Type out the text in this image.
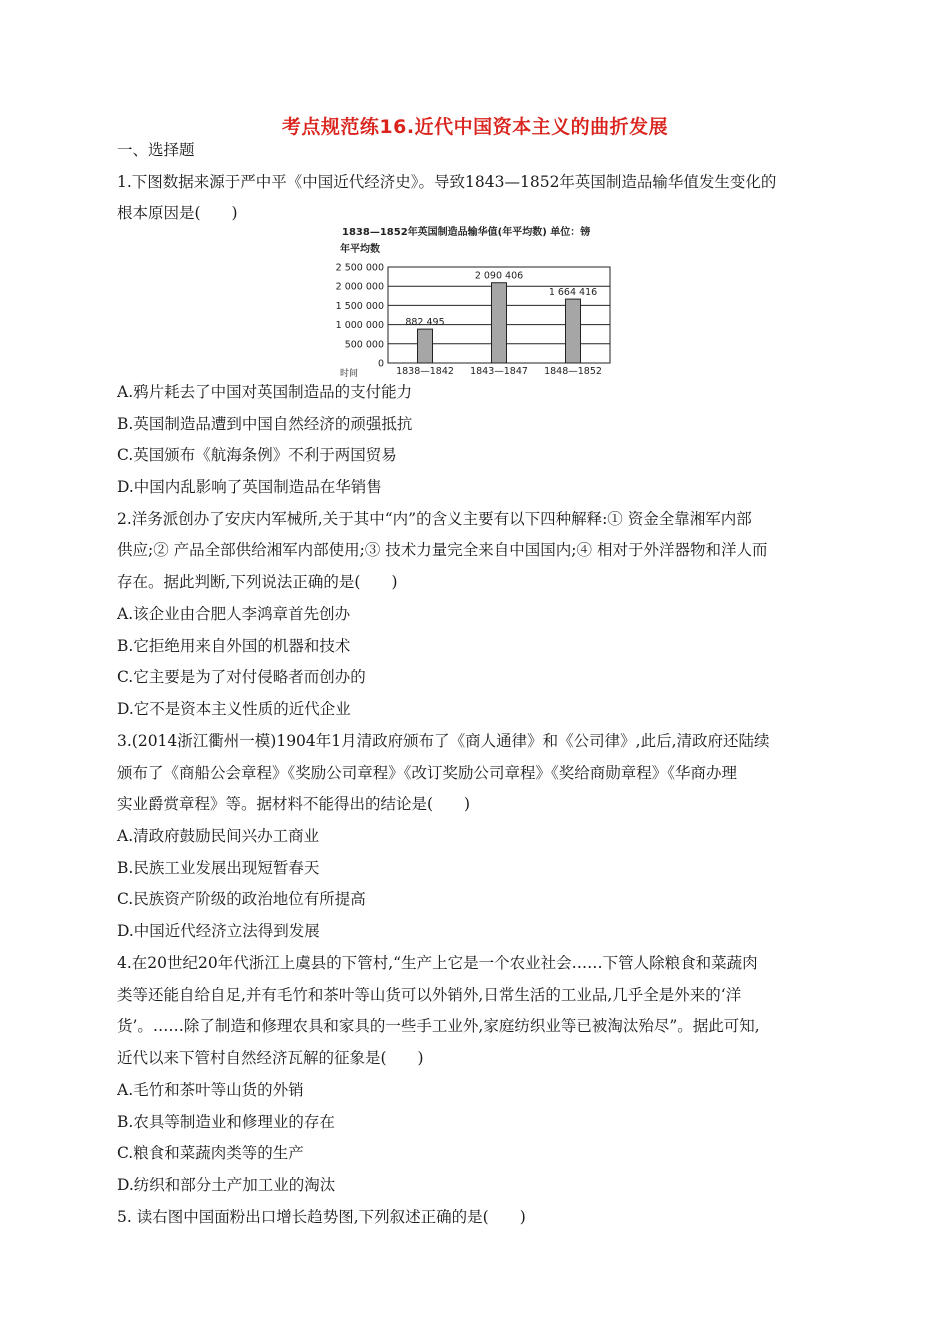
考点规范练16.近代中国资本主义的曲折发展
一、选择题
1.下图数据来源于严中平《中国近代经济史》。导致1843—1852年英国制造品输华值发生变化的
根本原因是(　　)
1838—1852年英国制造品输华值(年平均数) 单位：镑
年平均数
时间
0
500 000
1 000 000
1 500 000
2 000 000
2 500 000
882 495
2 090 406
1 664 416
1838—1842 1843—1847 1848—1852
A.鸦片耗去了中国对英国制造品的支付能力
B.英国制造品遭到中国自然经济的顽强抵抗
C.英国颁布《航海条例》不利于两国贸易
D.中国内乱影响了英国制造品在华销售
2.洋务派创办了安庆内军械所,关于其中“内”的含义主要有以下四种解释:① 资金全靠湘军内部
供应;② 产品全部供给湘军内部使用;③ 技术力量完全来自中国国内;④ 相对于外洋器物和洋人而
存在。据此判断,下列说法正确的是(　　)
A.该企业由合肥人李鸿章首先创办
B.它拒绝用来自外国的机器和技术
C.它主要是为了对付侵略者而创办的
D.它不是资本主义性质的近代企业
3.(2014浙江衢州一模)1904年1月清政府颁布了《商人通律》和《公司律》,此后,清政府还陆续
颁布了《商船公会章程》《奖励公司章程》《改订奖励公司章程》《奖给商勋章程》《华商办理
实业爵赏章程》等。据材料不能得出的结论是(　　)
A.清政府鼓励民间兴办工商业
B.民族工业发展出现短暂春天
C.民族资产阶级的政治地位有所提高
D.中国近代经济立法得到发展
4.在20世纪20年代浙江上虞县的下管村,“生产上它是一个农业社会……下管人除粮食和菜蔬肉
类等还能自给自足,并有毛竹和茶叶等山货可以外销外,日常生活的工业品,几乎全是外来的‘洋
货’。……除了制造和修理农具和家具的一些手工业外,家庭纺织业等已被淘汰殆尽”。据此可知,
近代以来下管村自然经济瓦解的征象是(　　)
A.毛竹和茶叶等山货的外销
B.农具等制造业和修理业的存在
C.粮食和菜蔬肉类等的生产
D.纺织和部分土产加工业的淘汰
5. 读右图中国面粉出口增长趋势图,下列叙述正确的是(　　)
